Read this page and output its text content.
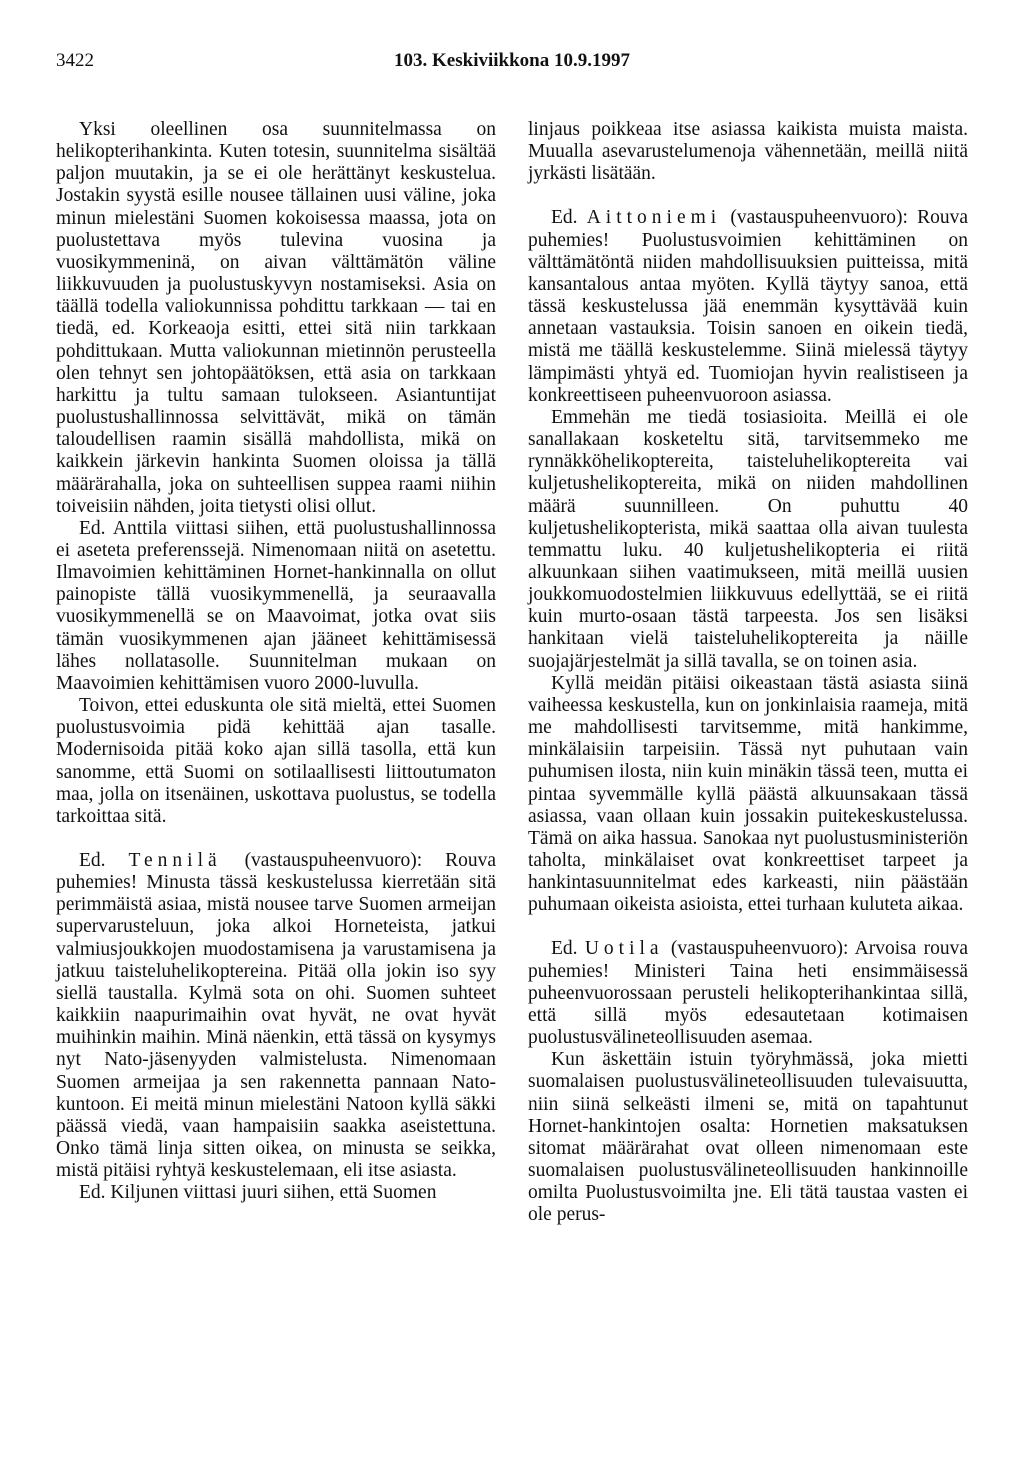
3422	103. Keskiviikkona 10.9.1997

Yksi oleellinen osa suunnitelmassa on helikopterihankinta. Kuten totesin, suunnitelma sisältää paljon muutakin, ja se ei ole herättänyt keskustelua. Jostakin syystä esille nousee tällainen uusi väline, joka minun mielestäni Suomen kokoisessa maassa, jota on puolustettava myös tulevina vuosina ja vuosikymmeninä, on aivan välttämätön väline liikkuvuuden ja puolustuskyvyn nostamiseksi. Asia on täällä todella valiokunnissa pohdittu tarkkaan — tai en tiedä, ed. Korkeaoja esitti, ettei sitä niin tarkkaan pohdittukaan. Mutta valiokunnan mietinnön perusteella olen tehnyt sen johtopäätöksen, että asia on tarkkaan harkittu ja tultu samaan tulokseen. Asiantuntijat puolustushallinnossa selvittävät, mikä on tämän taloudellisen raamin sisällä mahdollista, mikä on kaikkein järkevin hankinta Suomen oloissa ja tällä määrärahalla, joka on suhteellisen suppea raami niihin toiveisiin nähden, joita tietysti olisi ollut.

Ed. Anttila viittasi siihen, että puolustushallinnossa ei aseteta preferenssejä. Nimenomaan niitä on asetettu. Ilmavoimien kehittäminen Hornet-hankinnalla on ollut painopiste tällä vuosikymmenellä, ja seuraavalla vuosikymmenellä se on Maavoimat, jotka ovat siis tämän vuosikymmenen ajan jääneet kehittämisessä lähes nollatasolle. Suunnitelman mukaan on Maavoimien kehittämisen vuoro 2000-luvulla.

Toivon, ettei eduskunta ole sitä mieltä, ettei Suomen puolustusvoimia pidä kehittää ajan tasalle. Modernisoida pitää koko ajan sillä tasolla, että kun sanomme, että Suomi on sotilaallisesti liittoutumaton maa, jolla on itsenäinen, uskottava puolustus, se todella tarkoittaa sitä.

Ed. Tennilä (vastauspuheenvuoro): Rouva puhemies! Minusta tässä keskustelussa kierretään sitä perimmäistä asiaa, mistä nousee tarve Suomen armeijan supervarusteluun, joka alkoi Horneteista, jatkui valmiusjoukkojen muodostamisena ja varustamisena ja jatkuu taisteluhelikoptereina. Pitää olla jokin iso syy siellä taustalla. Kylmä sota on ohi. Suomen suhteet kaikkiin naapurimaihin ovat hyvät, ne ovat hyvät muihinkin maihin. Minä näenkin, että tässä on kysymys nyt Nato-jäsenyyden valmistelusta. Nimenomaan Suomen armeijaa ja sen rakennetta pannaan Nato-kuntoon. Ei meitä minun mielestäni Natoon kyllä säkki päässä viedä, vaan hampaisiin saakka aseistettuna. Onko tämä linja sitten oikea, on minusta se seikka, mistä pitäisi ryhtyä keskustelemaan, eli itse asiasta.

Ed. Kiljunen viittasi juuri siihen, että Suomen

linjaus poikkeaa itse asiassa kaikista muista maista. Muualla asevarustelumenoja vähennetään, meillä niitä jyrkästi lisätään.

Ed. Aittoniemi (vastauspuheenvuoro): Rouva puhemies! Puolustusvoimien kehittäminen on välttämätöntä niiden mahdollisuuksien puitteissa, mitä kansantalous antaa myöten. Kyllä täytyy sanoa, että tässä keskustelussa jää enemmän kysyttävää kuin annetaan vastauksia. Toisin sanoen en oikein tiedä, mistä me täällä keskustelemme. Siinä mielessä täytyy lämpimästi yhtyä ed. Tuomiojan hyvin realistiseen ja konkreettiseen puheenvuoroon asiassa.

Emmehän me tiedä tosiasioita. Meillä ei ole sanallakaan kosketeltu sitä, tarvitsemmeko me rynnäkköhelikoptereita, taisteluhelikoptereita vai kuljetushelikoptereita, mikä on niiden mahdollinen määrä suunnilleen. On puhuttu 40 kuljetushelikopterista, mikä saattaa olla aivan tuulesta temmattu luku. 40 kuljetushelikopteria ei riitä alkuunkaan siihen vaatimukseen, mitä meillä uusien joukkomuodostelmien liikkuvuus edellyttää, se ei riitä kuin murto-osaan tästä tarpeesta. Jos sen lisäksi hankitaan vielä taisteluhelikoptereita ja näille suojajärjestelmät ja sillä tavalla, se on toinen asia.

Kyllä meidän pitäisi oikeastaan tästä asiasta siinä vaiheessa keskustella, kun on jonkinlaisia raameja, mitä me mahdollisesti tarvitsemme, mitä hankimme, minkälaisiin tarpeisiin. Tässä nyt puhutaan vain puhumisen ilosta, niin kuin minäkin tässä teen, mutta ei pintaa syvemmälle kyllä päästä alkuunsakaan tässä asiassa, vaan ollaan kuin jossakin puitekeskustelussa. Tämä on aika hassua. Sanokaa nyt puolustusministeriön taholta, minkälaiset ovat konkreettiset tarpeet ja hankintasuunnitelmat edes karkeasti, niin päästään puhumaan oikeista asioista, ettei turhaan kuluteta aikaa.

Ed. Uotila (vastauspuheenvuoro): Arvoisa rouva puhemies! Ministeri Taina heti ensimmäisessä puheenvuorossaan perusteli helikopterihankintaa sillä, että sillä myös edesautetaan kotimaisen puolustusvälineteollisuuden asemaa.

Kun äskettäin istuin työryhmässä, joka mietti suomalaisen puolustusvälineteollisuuden tulevaisuutta, niin siinä selkeästi ilmeni se, mitä on tapahtunut Hornet-hankintojen osalta: Hornetien maksatuksen sitomat määrärahat ovat olleen nimenomaan este suomalaisen puolustusvälineteollisuuden hankinnoille omilta Puolustusvoimilta jne. Eli tätä taustaa vasten ei ole perus-
